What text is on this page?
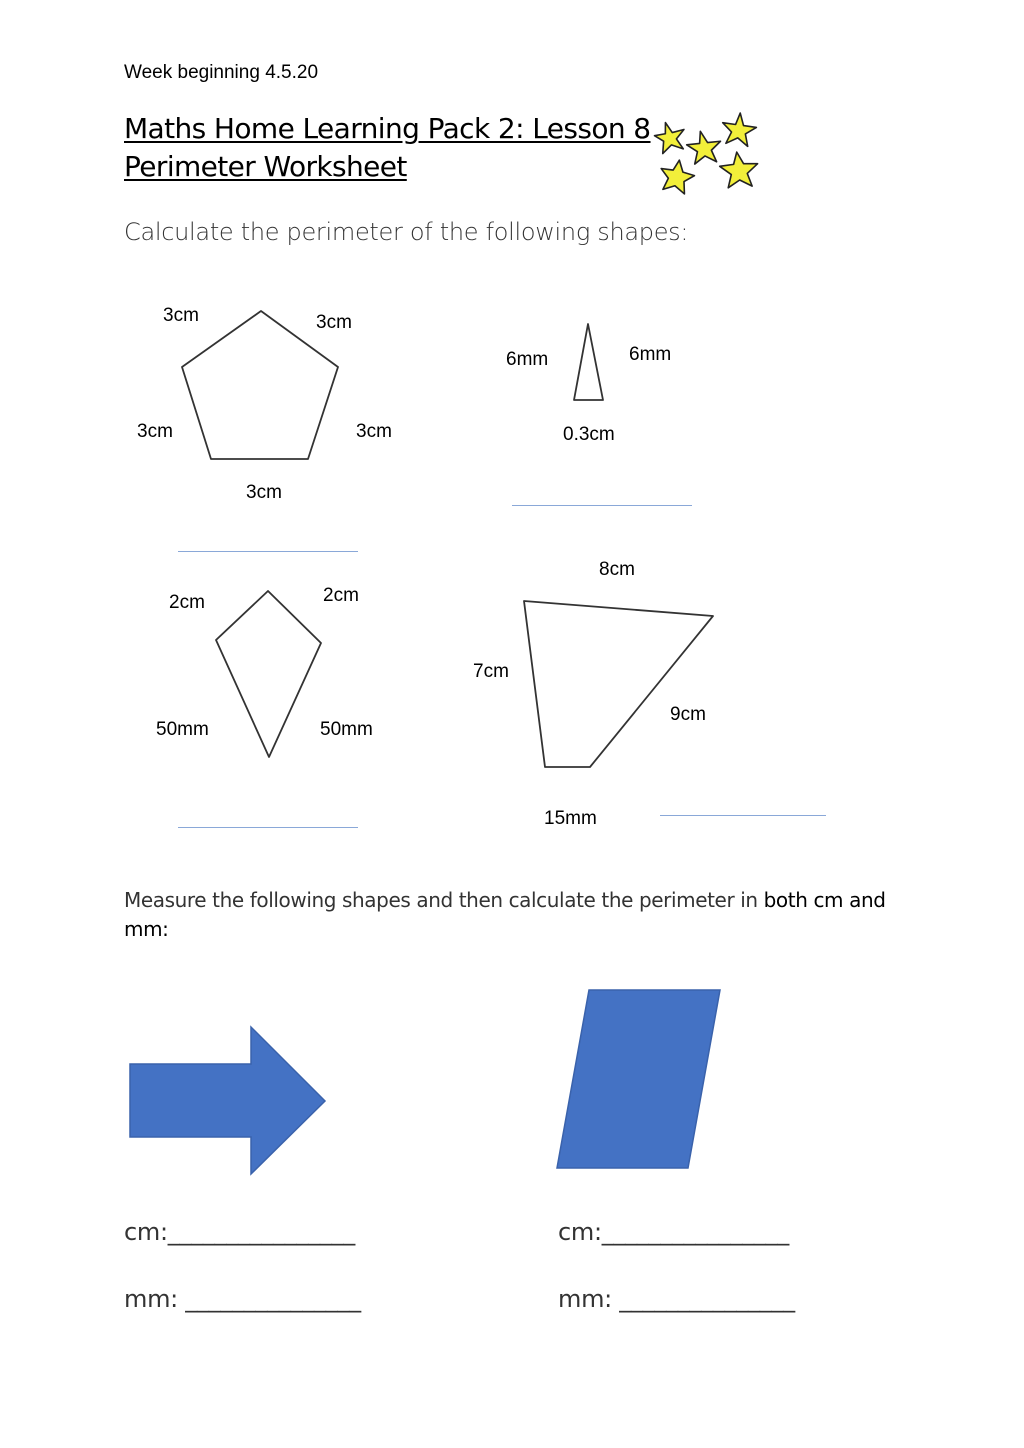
Week beginning 4.5.20
Maths Home Learning Pack 2: Lesson 8
Perimeter Worksheet
Calculate the perimeter of the following shapes:
3cm	3cm
3cm	3cm
3cm
6mm	6mm
0.3cm
2cm	2cm
50mm	50mm
8cm
7cm
9cm
15mm
Measure the following shapes and then calculate the perimeter in both cm and mm:
cm:________________
mm: _______________
cm:________________
mm: _______________
